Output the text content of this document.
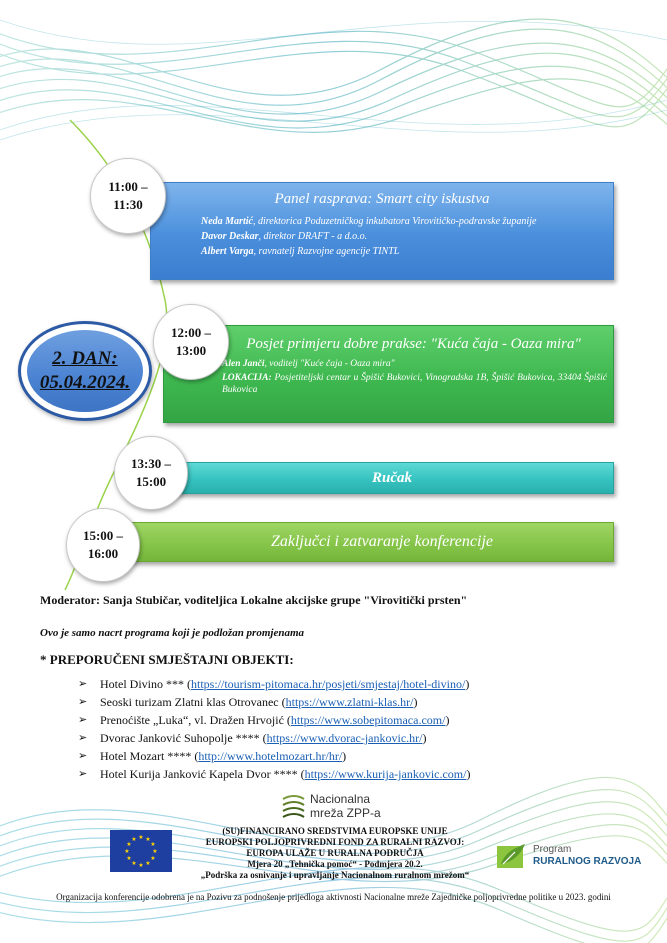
Panel rasprava: Smart city iskustva
Neda Martić, direktorica Poduzetničkog inkubatora Virovitičko-podravske županije
Davor Deskar, direktor DRAFT - a d.o.o.
Albert Varga, ravnatelj Razvojne agencije TINTL
11:00 –
11:30
Posjet primjeru dobre prakse: "Kuća čaja - Oaza mira"
Alen Janči, voditelj "Kuće čaja - Oaza mira"
LOKACIJA: Posjetiteljski centar u Špišić Bukovici, Vinogradska 1B, Špišić Bukovica, 33404 Špišić Bukovica
12:00 –
13:00
2. DAN:
05.04.2024.
Ručak
13:30 –
15:00
Zaključci i zatvaranje konferencije
15:00 –
16:00
Moderator: Sanja Stubičar, voditeljica Lokalne akcijske grupe "Virovitički prsten"
Ovo je samo nacrt programa koji je podložan promjenama
* PREPORUČENI SMJEŠTAJNI OBJEKTI:
➢ Hotel Divino *** (https://tourism-pitomaca.hr/posjeti/smjestaj/hotel-divino/)
➢ Seoski turizam Zlatni klas Otrovanec (https://www.zlatni-klas.hr/)
➢ Prenoćište „Luka“, vl. Dražen Hrvojić (https://www.sobepitomaca.com/)
➢ Dvorac Janković Suhopolje **** (https://www.dvorac-jankovic.hr/)
➢ Hotel Mozart **** (http://www.hotelmozart.hr/hr/)
➢ Hotel Kurija Janković Kapela Dvor **** (https://www.kurija-jankovic.com/)
Nacionalna
mreža ZPP-a
★ ★
★
★
★
★
★
★
★
★
★
★
(SU)FINANCIRANO SREDSTVIMA EUROPSKE UNIJE
EUROPSKI POLJOPRIVREDNI FOND ZA RURALNI RAZVOJ:
EUROPA ULAŽE U RURALNA PODRUČJA
Mjera 20 „Tehnička pomoć“ - Podmjera 20.2.
„Podrška za osnivanje i upravljanje Nacionalnom ruralnom mrežom“
Program
RURALNOG RAZVOJA
Organizacija konferencije odobrena je na Pozivu za podnošenje prijedloga aktivnosti Nacionalne mreže Zajedničke poljoprivredne politike u 2023. godini
